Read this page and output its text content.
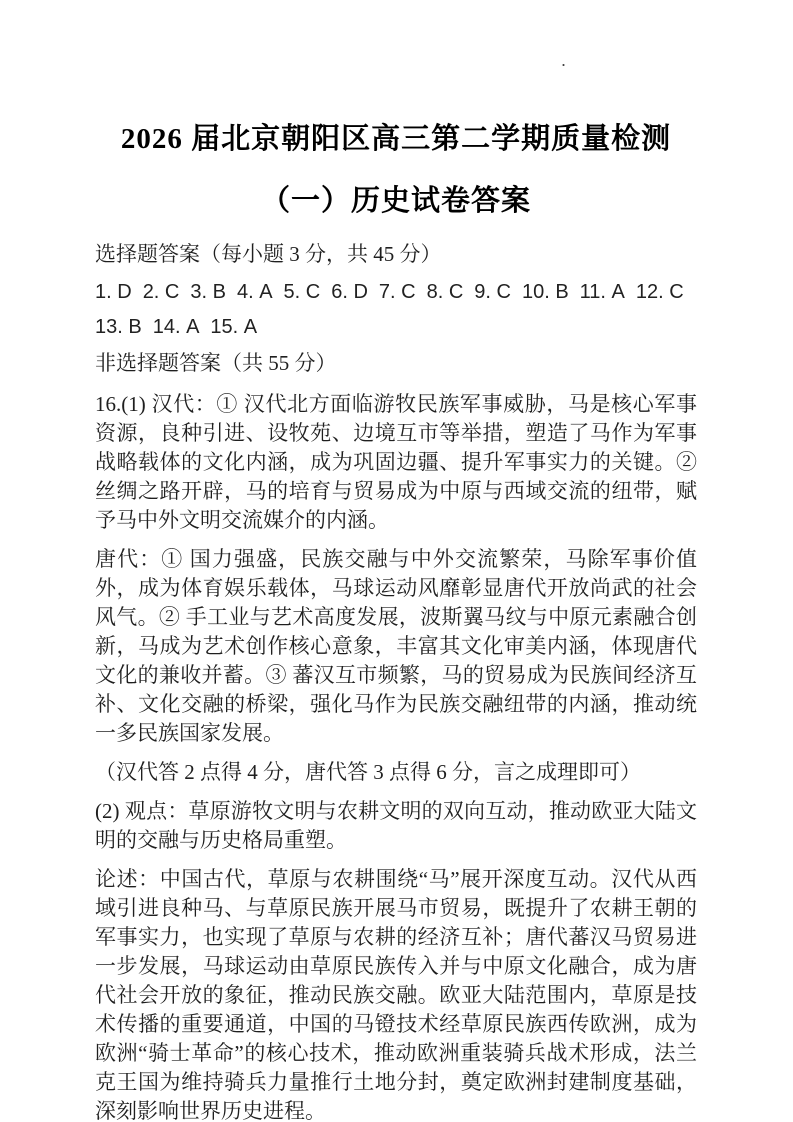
.
2026 届北京朝阳区高三第二学期质量检测
（一）历史试卷答案
选择题答案（每小题 3 分，共 45 分）
1. D 2. C 3. B 4. A 5. C 6. D 7. C 8. C 9. C 10. B 11. A 12. C
13. B 14. A 15. A
非选择题答案（共 55 分）
16.(1) 汉代：① 汉代北方面临游牧民族军事威胁，马是核心军事资源，良种引进、设牧苑、边境互市等举措，塑造了马作为军事战略载体的文化内涵，成为巩固边疆、提升军事实力的关键。② 丝绸之路开辟，马的培育与贸易成为中原与西域交流的纽带，赋予马中外文明交流媒介的内涵。
唐代：① 国力强盛，民族交融与中外交流繁荣，马除军事价值外，成为体育娱乐载体，马球运动风靡彰显唐代开放尚武的社会风气。② 手工业与艺术高度发展，波斯翼马纹与中原元素融合创新，马成为艺术创作核心意象，丰富其文化审美内涵，体现唐代文化的兼收并蓄。③ 蕃汉互市频繁，马的贸易成为民族间经济互补、文化交融的桥梁，强化马作为民族交融纽带的内涵，推动统一多民族国家发展。
（汉代答 2 点得 4 分，唐代答 3 点得 6 分，言之成理即可）
(2) 观点：草原游牧文明与农耕文明的双向互动，推动欧亚大陆文明的交融与历史格局重塑。
论述：中国古代，草原与农耕围绕“马”展开深度互动。汉代从西域引进良种马、与草原民族开展马市贸易，既提升了农耕王朝的军事实力，也实现了草原与农耕的经济互补；唐代蕃汉马贸易进一步发展，马球运动由草原民族传入并与中原文化融合，成为唐代社会开放的象征，推动民族交融。欧亚大陆范围内，草原是技术传播的重要通道，中国的马镫技术经草原民族西传欧洲，成为欧洲“骑士革命”的核心技术，推动欧洲重装骑兵战术形成，法兰克王国为维持骑兵力量推行土地分封，奠定欧洲封建制度基础，深刻影响世界历史进程。
